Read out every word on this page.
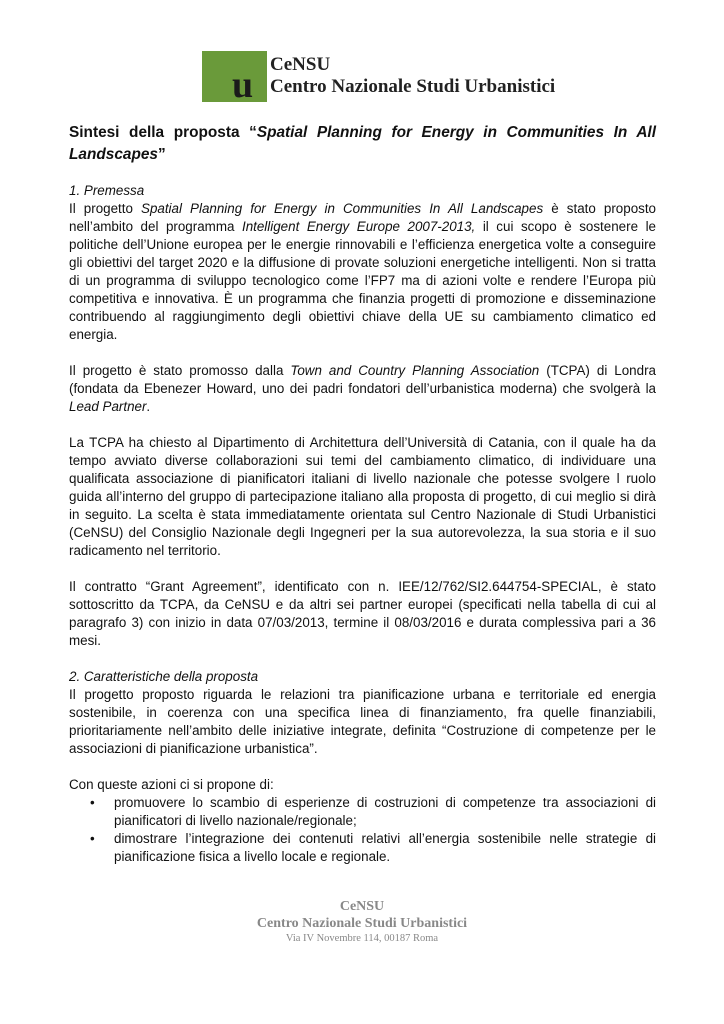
u CeNSU
Centro Nazionale Studi Urbanistici
Sintesi della proposta “Spatial Planning for Energy in Communities In All Landscapes”
1. Premessa

Il progetto Spatial Planning for Energy in Communities In All Landscapes è stato proposto nell’ambito del programma Intelligent Energy Europe 2007-2013, il cui scopo è sostenere le politiche dell’Unione europea per le energie rinnovabili e l’efficienza energetica volte a conseguire gli obiettivi del target 2020 e la diffusione di provate soluzioni energetiche intelligenti. Non si tratta di un programma di sviluppo tecnologico come l’FP7 ma di azioni volte e rendere l’Europa più competitiva e innovativa. È un programma che finanzia progetti di promozione e disseminazione contribuendo al raggiungimento degli obiettivi chiave della UE su cambiamento climatico ed energia.

Il progetto è stato promosso dalla Town and Country Planning Association (TCPA) di Londra (fondata da Ebenezer Howard, uno dei padri fondatori dell’urbanistica moderna) che svolgerà la Lead Partner.

La TCPA ha chiesto al Dipartimento di Architettura dell’Università di Catania, con il quale ha da tempo avviato diverse collaborazioni sui temi del cambiamento climatico, di individuare una qualificata associazione di pianificatori italiani di livello nazionale che potesse svolgere l ruolo guida all’interno del gruppo di partecipazione italiano alla proposta di progetto, di cui meglio si dirà in seguito. La scelta è stata immediatamente orientata sul Centro Nazionale di Studi Urbanistici (CeNSU) del Consiglio Nazionale degli Ingegneri per la sua autorevolezza, la sua storia e il suo radicamento nel territorio.

Il contratto “Grant Agreement”, identificato con n. IEE/12/762/SI2.644754-SPECIAL, è stato sottoscritto da TCPA, da CeNSU e da altri sei partner europei (specificati nella tabella di cui al paragrafo 3) con inizio in data 07/03/2013, termine il 08/03/2016 e durata complessiva pari a 36 mesi.

2. Caratteristiche della proposta

Il progetto proposto riguarda le relazioni tra pianificazione urbana e territoriale ed energia sostenibile, in coerenza con una specifica linea di finanziamento, fra quelle finanziabili, prioritariamente nell’ambito delle iniziative integrate, definita “Costruzione di competenze per le associazioni di pianificazione urbanistica”.

Con queste azioni ci si propone di:

• promuovere lo scambio di esperienze di costruzioni di competenze tra associazioni di pianificatori di livello nazionale/regionale;
• dimostrare l’integrazione dei contenuti relativi all’energia sostenibile nelle strategie di pianificazione fisica a livello locale e regionale.
CeNSU
Centro Nazionale Studi Urbanistici
Via IV Novembre 114, 00187 Roma
